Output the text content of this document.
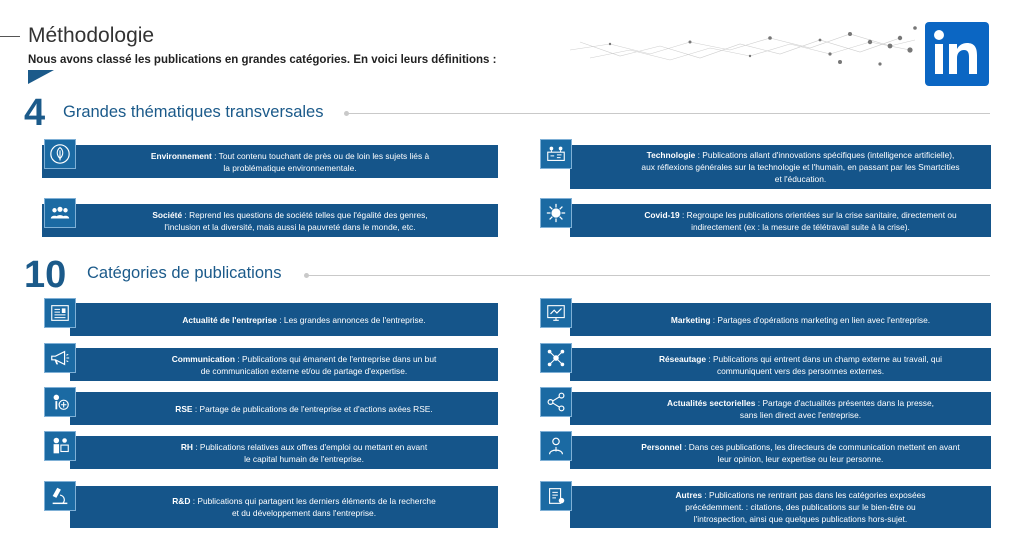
Méthodologie
Nous avons classé les publications en grandes catégories. En voici leurs définitions :
4 Grandes thématiques transversales
Environnement : Tout contenu touchant de près ou de loin les sujets liés à
la problématique environnementale.
Technologie : Publications allant d'innovations spécifiques (intelligence artificielle),
aux réflexions générales sur la technologie et l'humain, en passant par les Smartcities
et l'éducation.
Société : Reprend les questions de société telles que l'égalité des genres,
l'inclusion et la diversité, mais aussi la pauvreté dans le monde, etc.
Covid-19 : Regroupe les publications orientées sur la crise sanitaire, directement ou
indirectement (ex : la mesure de télétravail suite à la crise).
10 Catégories de publications
Actualité de l'entreprise : Les grandes annonces de l'entreprise.
Communication : Publications qui émanent de l'entreprise dans un but
de communication externe et/ou de partage d'expertise.
RSE : Partage de publications de l'entreprise et d'actions axées RSE.
RH : Publications relatives aux offres d'emploi ou mettant en avant
le capital humain de l'entreprise.
R&D : Publications qui partagent les derniers éléments de la recherche
et du développement dans l'entreprise.
Marketing : Partages d'opérations marketing en lien avec l'entreprise.
Réseautage : Publications qui entrent dans un champ externe au travail, qui
communiquent vers des personnes externes.
Actualités sectorielles : Partage d'actualités présentes dans la presse,
sans lien direct avec l'entreprise.
Personnel : Dans ces publications, les directeurs de communication mettent en avant
leur opinion, leur expertise ou leur personne.
Autres : Publications ne rentrant pas dans les catégories exposées
précédemment. : citations, des publications sur le bien-être ou
l'introspection, ainsi que quelques publications hors-sujet.
